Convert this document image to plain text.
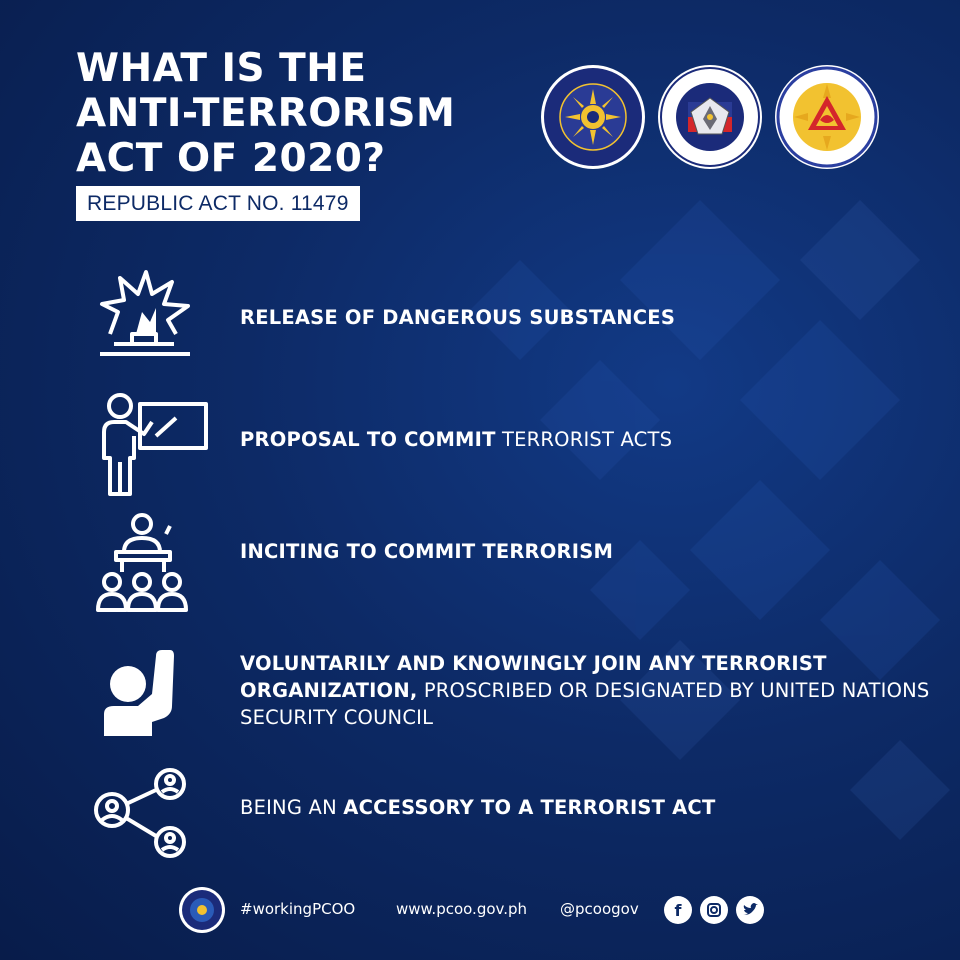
WHAT IS THE
ANTI-TERRORISM
ACT OF 2020?
REPUBLIC ACT NO. 11479
RELEASE OF DANGEROUS SUBSTANCES
PROPOSAL TO COMMIT TERRORIST ACTS
INCITING TO COMMIT TERRORISM
VOLUNTARILY AND KNOWINGLY JOIN ANY TERRORIST ORGANIZATION, PROSCRIBED OR DESIGNATED BY UNITED NATIONS SECURITY COUNCIL
BEING AN ACCESSORY TO A TERRORIST ACT
#workingPCOO	www.pcoo.gov.ph @pcoogov f
